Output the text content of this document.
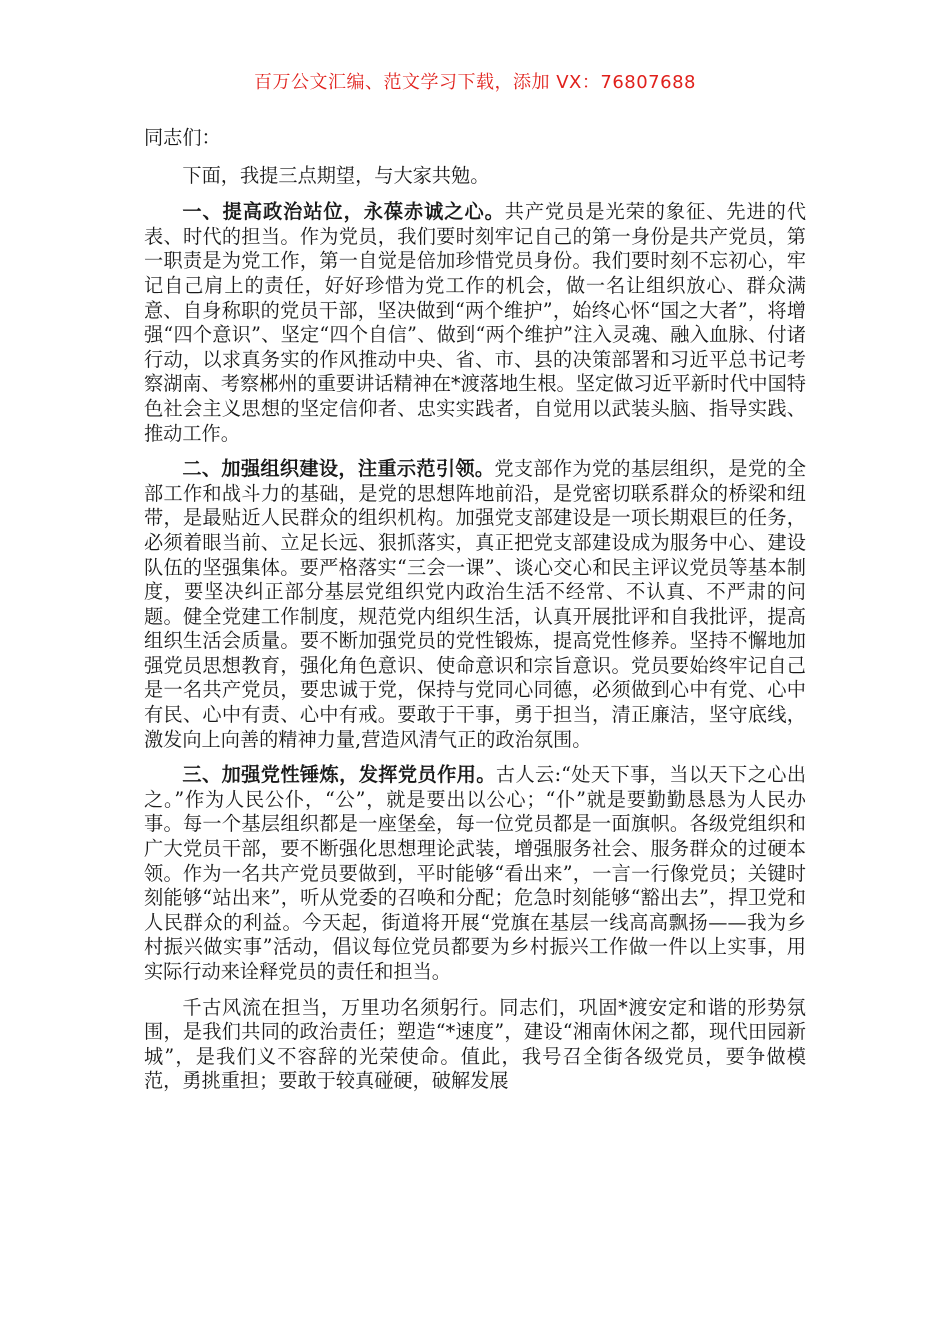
百万公文汇编、范文学习下载，添加 VX：76807688

同志们：

下面，我提三点期望，与大家共勉。

一、提高政治站位，永葆赤诚之心。共产党员是光荣的象征、先进的代表、时代的担当。作为党员，我们要时刻牢记自己的第一身份是共产党员，第一职责是为党工作，第一自觉是倍加珍惜党员身份。我们要时刻不忘初心，牢记自己肩上的责任，好好珍惜为党工作的机会，做一名让组织放心、群众满意、自身称职的党员干部，坚决做到“两个维护”，始终心怀“国之大者”，将增强“四个意识”、坚定“四个自信”、做到“两个维护”注入灵魂、融入血脉、付诸行动，以求真务实的作风推动中央、省、市、县的决策部署和习近平总书记考察湖南、考察郴州的重要讲话精神在*渡落地生根。坚定做习近平新时代中国特色社会主义思想的坚定信仰者、忠实实践者，自觉用以武装头脑、指导实践、推动工作。

二、加强组织建设，注重示范引领。党支部作为党的基层组织，是党的全部工作和战斗力的基础，是党的思想阵地前沿，是党密切联系群众的桥梁和纽带，是最贴近人民群众的组织机构。加强党支部建设是一项长期艰巨的任务，必须着眼当前、立足长远、狠抓落实，真正把党支部建设成为服务中心、建设队伍的坚强集体。要严格落实“三会一课”、谈心交心和民主评议党员等基本制度，要坚决纠正部分基层党组织党内政治生活不经常、不认真、不严肃的问题。健全党建工作制度，规范党内组织生活，认真开展批评和自我批评，提高组织生活会质量。要不断加强党员的党性锻炼，提高党性修养。坚持不懈地加强党员思想教育，强化角色意识、使命意识和宗旨意识。党员要始终牢记自己是一名共产党员，要忠诚于党，保持与党同心同德，必须做到心中有党、心中有民、心中有责、心中有戒。要敢于干事，勇于担当，清正廉洁，坚守底线，激发向上向善的精神力量,营造风清气正的政治氛围。

三、加强党性锤炼，发挥党员作用。古人云:“处天下事，当以天下之心出之。”作为人民公仆，“公”，就是要出以公心；“仆”就是要勤勤恳恳为人民办事。每一个基层组织都是一座堡垒，每一位党员都是一面旗帜。各级党组织和广大党员干部，要不断强化思想理论武装，增强服务社会、服务群众的过硬本领。作为一名共产党员要做到，平时能够“看出来”，一言一行像党员；关键时刻能够“站出来”，听从党委的召唤和分配；危急时刻能够“豁出去”，捍卫党和人民群众的利益。今天起，街道将开展“党旗在基层一线高高飘扬——我为乡村振兴做实事”活动，倡议每位党员都要为乡村振兴工作做一件以上实事，用实际行动来诠释党员的责任和担当。

千古风流在担当，万里功名须躬行。同志们，巩固*渡安定和谐的形势氛围，是我们共同的政治责任；塑造“*速度”，建设“湘南休闲之都，现代田园新城”，是我们义不容辞的光荣使命。值此，我号召全街各级党员，要争做模范，勇挑重担；要敢于较真碰硬，破解发展
